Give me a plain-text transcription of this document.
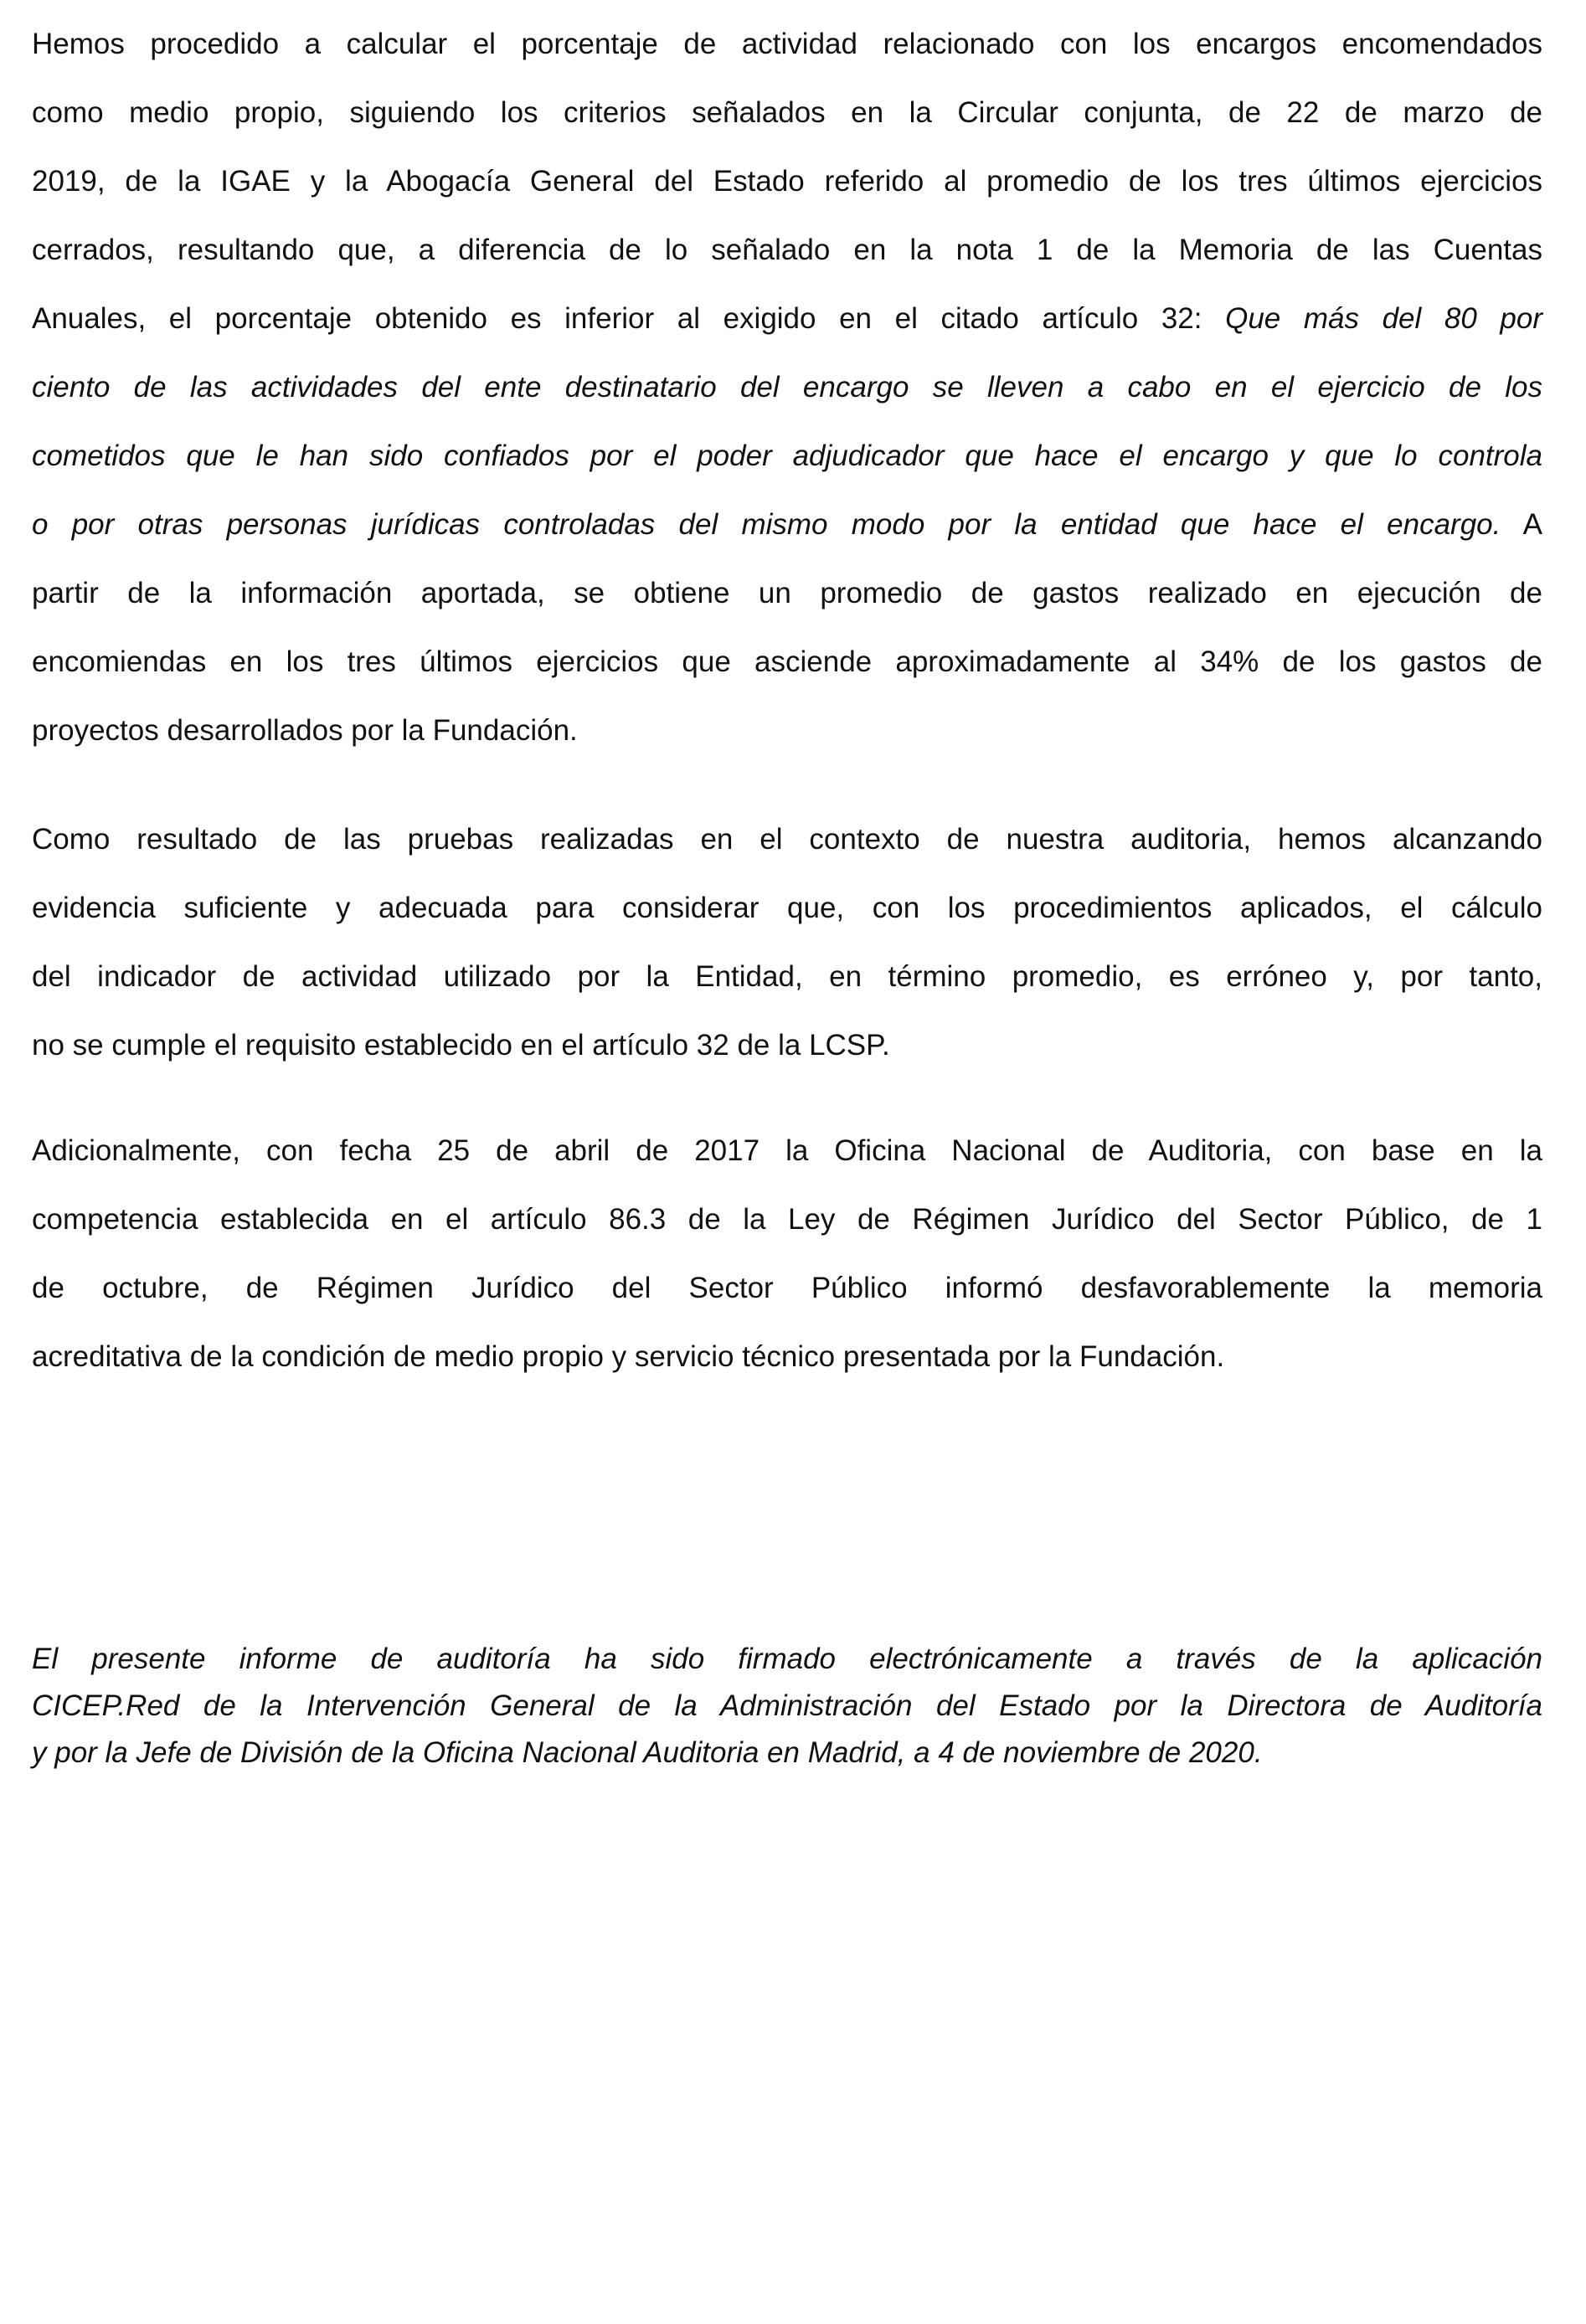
Hemos procedido a calcular el porcentaje de actividad relacionado con los encargos encomendados
como medio propio, siguiendo los criterios señalados en la Circular conjunta, de 22 de marzo de
2019, de la IGAE y la Abogacía General del Estado referido al promedio de los tres últimos ejercicios
cerrados, resultando que, a diferencia de lo señalado en la nota 1 de la Memoria de las Cuentas
Anuales, el porcentaje obtenido es inferior al exigido en el citado artículo 32: Que más del 80 por
ciento de las actividades del ente destinatario del encargo se lleven a cabo en el ejercicio de los
cometidos que le han sido confiados por el poder adjudicador que hace el encargo y que lo controla
o por otras personas jurídicas controladas del mismo modo por la entidad que hace el encargo. A
partir de la información aportada, se obtiene un promedio de gastos realizado en ejecución de
encomiendas en los tres últimos ejercicios que asciende aproximadamente al 34% de los gastos de
proyectos desarrollados por la Fundación.
Como resultado de las pruebas realizadas en el contexto de nuestra auditoria, hemos alcanzando
evidencia suficiente y adecuada para considerar que, con los procedimientos aplicados, el cálculo
del indicador de actividad utilizado por la Entidad, en término promedio, es erróneo y, por tanto,
no se cumple el requisito establecido en el artículo 32 de la LCSP.
Adicionalmente, con fecha 25 de abril de 2017 la Oficina Nacional de Auditoria, con base en la
competencia establecida en el artículo 86.3 de la Ley de Régimen Jurídico del Sector Público, de 1
de octubre, de Régimen Jurídico del Sector Público informó desfavorablemente la memoria
acreditativa de la condición de medio propio y servicio técnico presentada por la Fundación.
El presente informe de auditoría ha sido firmado electrónicamente a través de la aplicación
CICEP.Red de la Intervención General de la Administración del Estado por la Directora de Auditoría
y por la Jefe de División de la Oficina Nacional Auditoria en Madrid, a 4 de noviembre de 2020.
